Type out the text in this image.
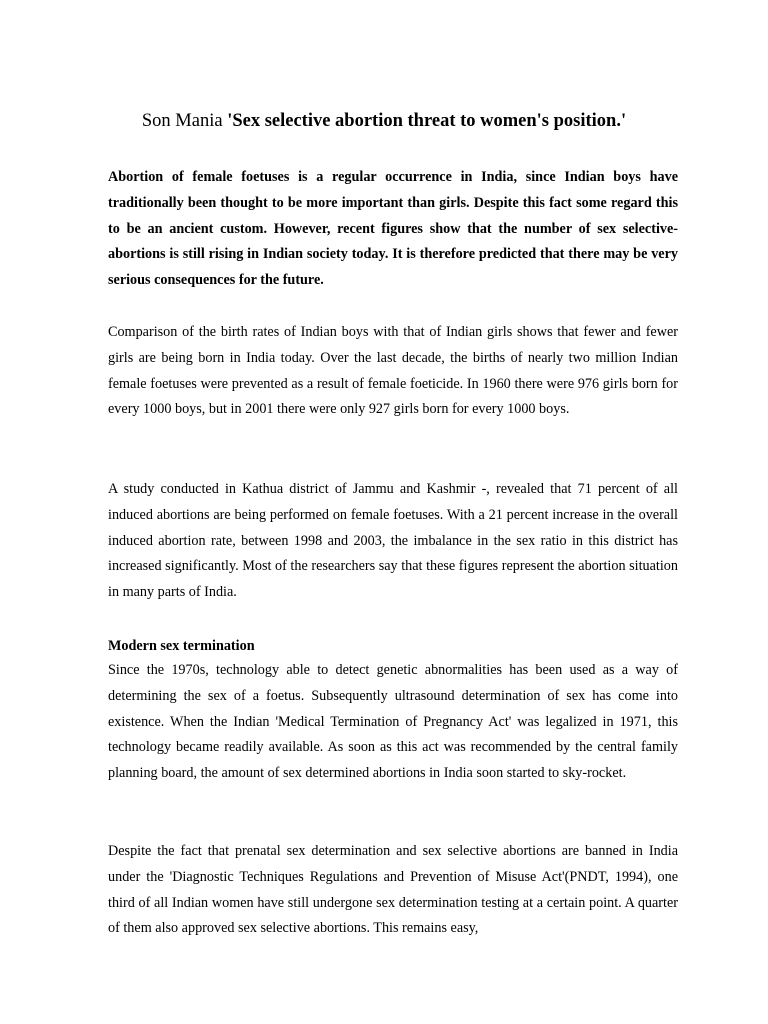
Son Mania 'Sex selective abortion threat to women's position.'

Abortion of female foetuses is a regular occurrence in India, since Indian boys have traditionally been thought to be more important than girls. Despite this fact some regard this to be an ancient custom. However, recent figures show that the number of sex selective-abortions is still rising in Indian society today. It is therefore predicted that there may be very serious consequences for the future.

Comparison of the birth rates of Indian boys with that of Indian girls shows that fewer and fewer girls are being born in India today. Over the last decade, the births of nearly two million Indian female foetuses were prevented as a result of female foeticide. In 1960 there were 976 girls born for every 1000 boys, but in 2001 there were only 927 girls born for every 1000 boys.

A study conducted in Kathua district of Jammu and Kashmir -, revealed that 71 percent of all induced abortions are being performed on female foetuses. With a 21 percent increase in the overall induced abortion rate, between 1998 and 2003, the imbalance in the sex ratio in this district has increased significantly. Most of the researchers say that these figures represent the abortion situation in many parts of India.

Modern sex termination

Since the 1970s, technology able to detect genetic abnormalities has been used as a way of determining the sex of a foetus. Subsequently ultrasound determination of sex has come into existence. When the Indian 'Medical Termination of Pregnancy Act' was legalized in 1971, this technology became readily available. As soon as this act was recommended by the central family planning board, the amount of sex determined abortions in India soon started to sky-rocket.

Despite the fact that prenatal sex determination and sex selective abortions are banned in India under the 'Diagnostic Techniques Regulations and Prevention of Misuse Act'(PNDT, 1994), one third of all Indian women have still undergone sex determination testing at a certain point. A quarter of them also approved sex selective abortions. This remains easy,
